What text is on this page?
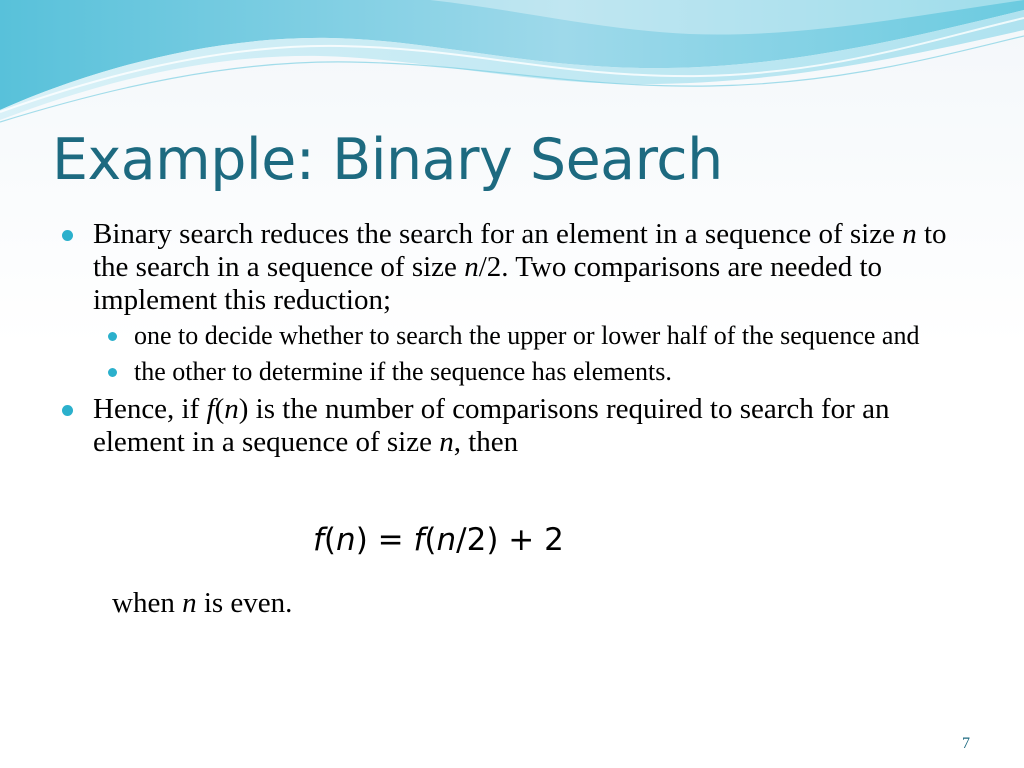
Example: Binary Search
Binary search reduces the search for an element in a sequence of size n to the search in a sequence of size n/2. Two comparisons are needed to implement this reduction;
one to decide whether to search the upper or lower half of the sequence and
the other to determine if the sequence has elements.
Hence, if f(n) is the number of comparisons required to search for an element in a sequence of size n, then
f(n) = f(n/2) + 2
when n is even.
7
